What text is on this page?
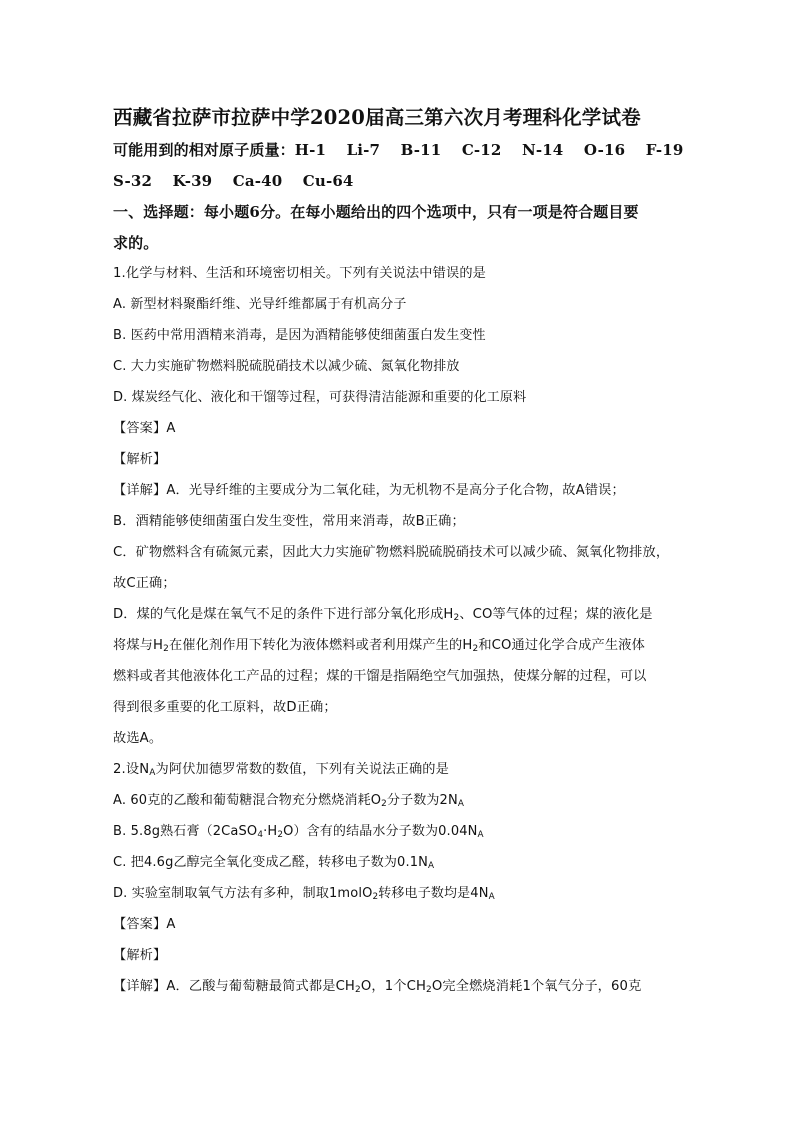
西藏省拉萨市拉萨中学2020届高三第六次月考理科化学试卷
可能用到的相对原子质量：H-1　 Li-7　 B-11　 C-12　 N-14　 O-16　 F-19
S-32　 K-39　 Ca-40　 Cu-64
一、选择题：每小题6分。在每小题给出的四个选项中，只有一项是符合题目要
求的。
1.化学与材料、生活和环境密切相关。下列有关说法中错误的是
A. 新型材料聚酯纤维、光导纤维都属于有机高分子
B. 医药中常用酒精来消毒，是因为酒精能够使细菌蛋白发生变性
C. 大力实施矿物燃料脱硫脱硝技术以减少硫、氮氧化物排放
D. 煤炭经气化、液化和干馏等过程，可获得清洁能源和重要的化工原料
【答案】A
【解析】
【详解】A．光导纤维的主要成分为二氧化硅，为无机物不是高分子化合物，故A错误；
B．酒精能够使细菌蛋白发生变性，常用来消毒，故B正确；
C．矿物燃料含有硫氮元素，因此大力实施矿物燃料脱硫脱硝技术可以减少硫、氮氧化物排放，
故C正确；
D．煤的气化是煤在氧气不足的条件下进行部分氧化形成$H_2$、CO等气体的过程；煤的液化是
将煤与$H_2$在催化剂作用下转化为液体燃料或者利用煤产生的$H_2$和CO通过化学合成产生液体
燃料或者其他液体化工产品的过程；煤的干馏是指隔绝空气加强热，使煤分解的过程，可以
得到很多重要的化工原料，故D正确；
故选A。
2.设$N_A$为阿伏加德罗常数的数值，下列有关说法正确的是
A. 60克的乙酸和葡萄糖混合物充分燃烧消耗$O_2$分子数为$2N_A$
B. 5.8g熟石膏$(2CaSO_4\cdot H_2O)$含有的结晶水分子数为$0.04N_A$
C. 把4.6g乙醇完全氧化变成乙醛，转移电子数为$0.1N_A$
D. 实验室制取氧气方法有多种，制取1molO$_2$转移电子数均是$4N_A$
【答案】A
【解析】
【详解】A．乙酸与葡萄糖最简式都是$CH_2O$，1个$CH_2O$完全燃烧消耗1个氧气分子，60克
